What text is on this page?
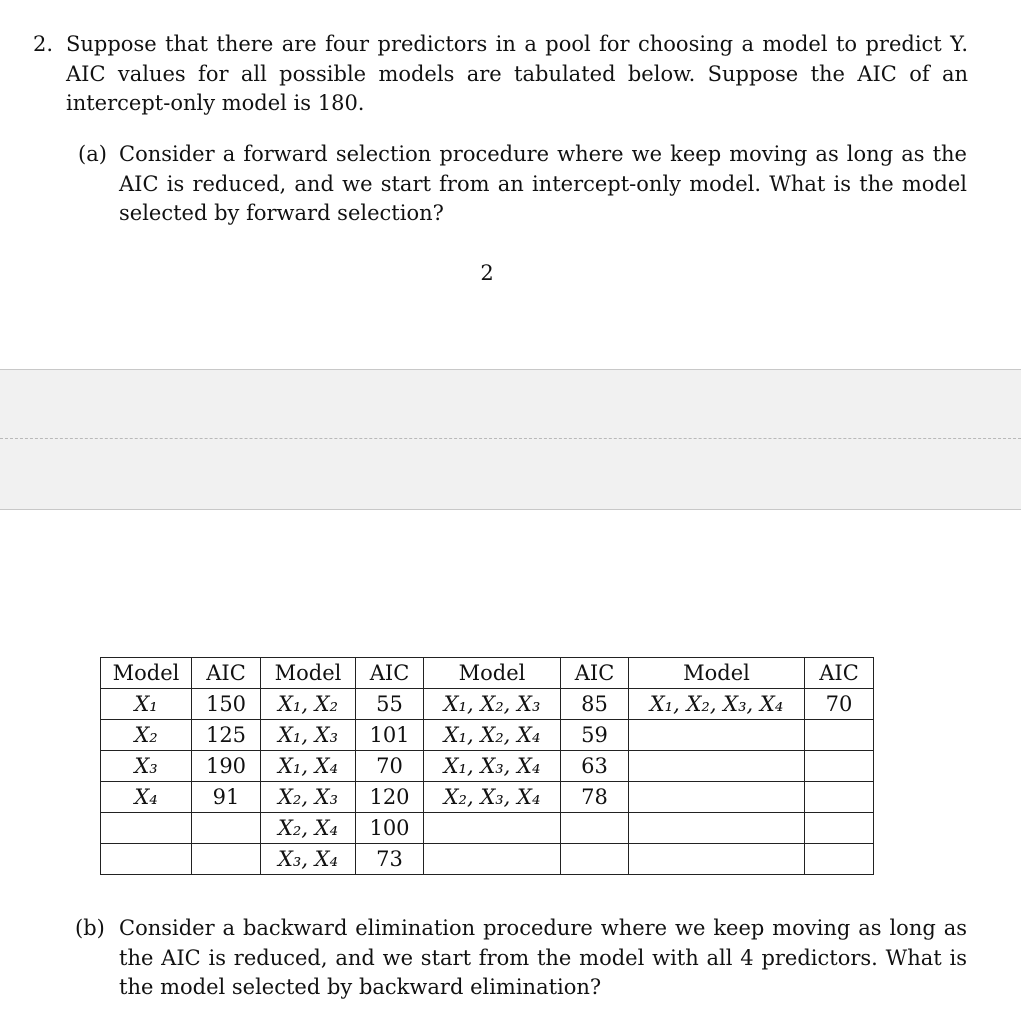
2. Suppose that there are four predictors in a pool for choosing a model to predict Y. AIC values for all possible models are tabulated below. Suppose the AIC of an intercept-only model is 180.

(a) Consider a forward selection procedure where we keep moving as long as the AIC is reduced, and we start from an intercept-only model. What is the model selected by forward selection?

2
Model	AIC	Model	AIC	Model	AIC	Model	AIC
X₁	150	X₁, X₂	55	X₁, X₂, X₃	85	X₁, X₂, X₃, X₄	70
X₂	125	X₁, X₃	101	X₁, X₂, X₄	59		
X₃	190	X₁, X₄	70	X₁, X₃, X₄	63		
X₄	91	X₂, X₃	120	X₂, X₃, X₄	78		
		X₂, X₄	100				
		X₃, X₄	73				
(b) Consider a backward elimination procedure where we keep moving as long as the AIC is reduced, and we start from the model with all 4 predictors. What is the model selected by backward elimination?
